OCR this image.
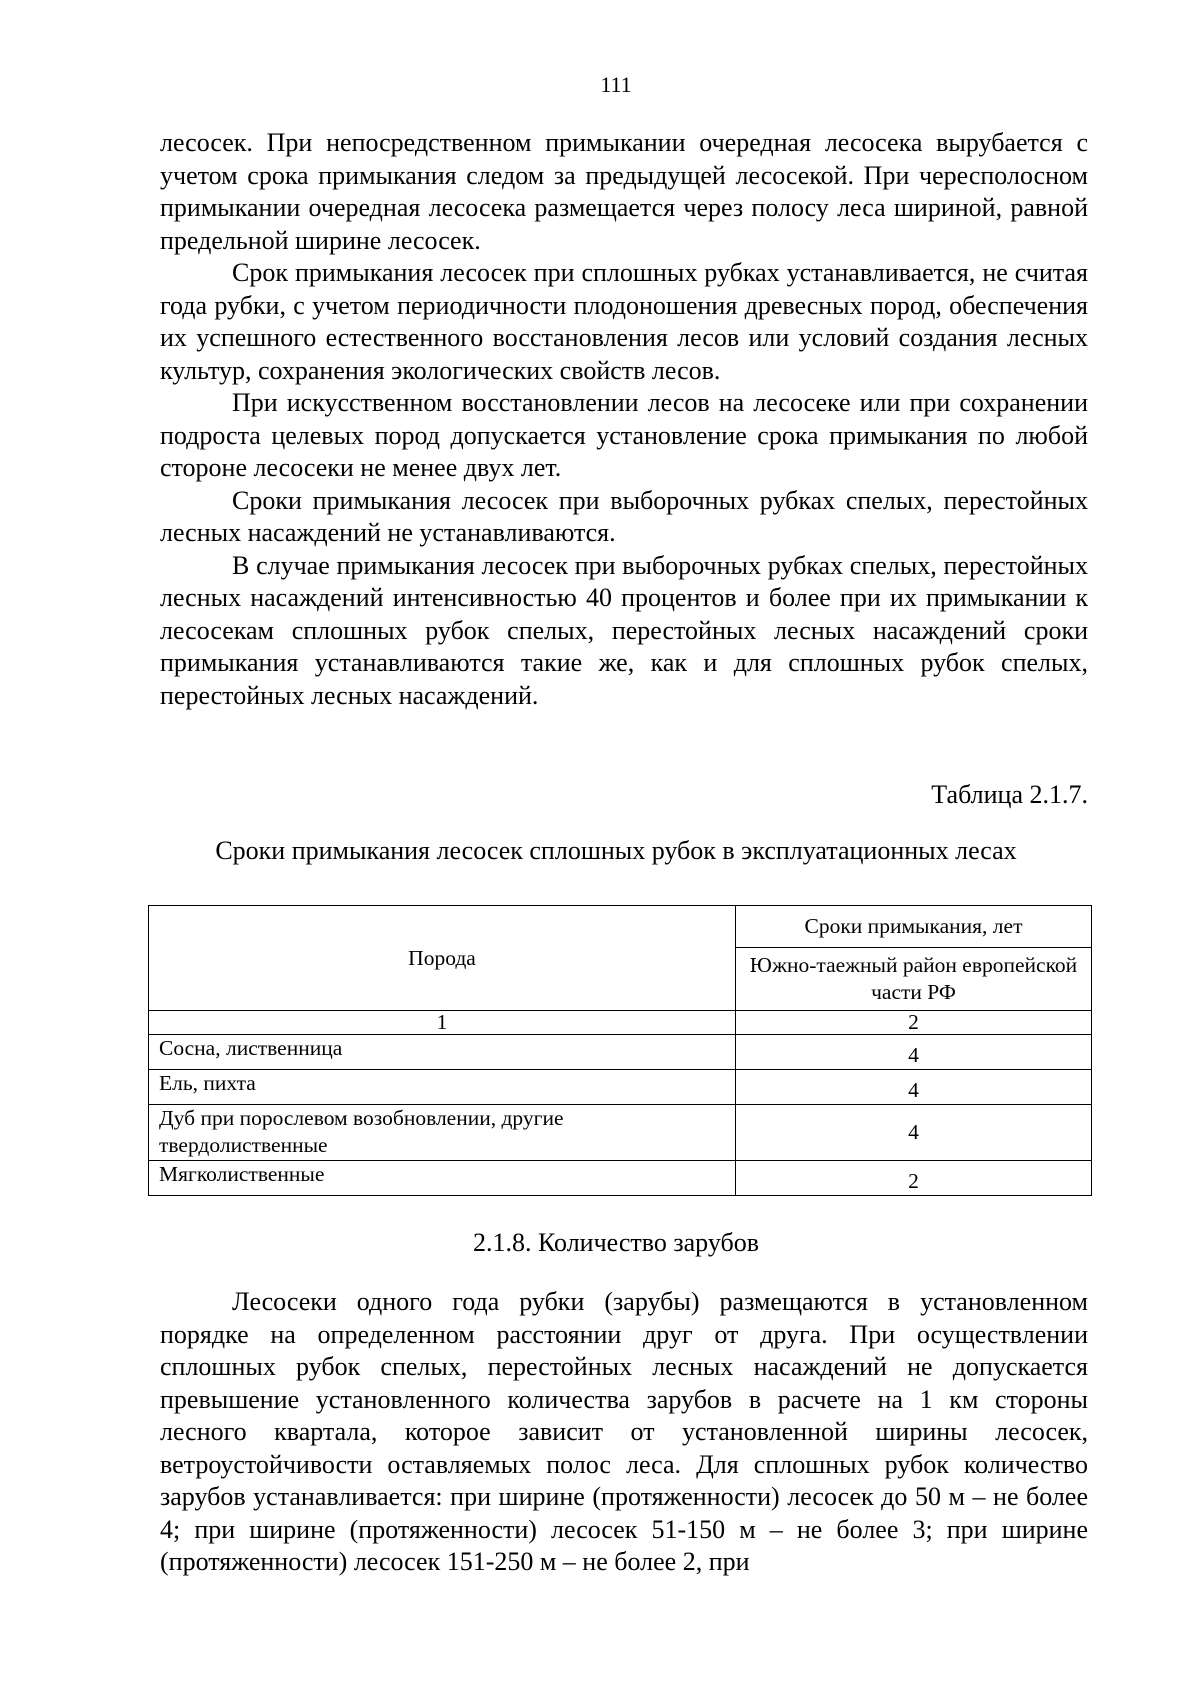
111

лесосек. При непосредственном примыкании очередная лесосека вырубается с учетом срока примыкания следом за предыдущей лесосекой. При чересполосном примыкании очередная лесосека размещается через полосу леса шириной, равной предельной ширине лесосек.

Срок примыкания лесосек при сплошных рубках устанавливается, не считая года рубки, с учетом периодичности плодоношения древесных пород, обеспечения их успешного естественного восстановления лесов или условий создания лесных культур, сохранения экологических свойств лесов.

При искусственном восстановлении лесов на лесосеке или при сохранении подроста целевых пород допускается установление срока примыкания по любой стороне лесосеки не менее двух лет.

Сроки примыкания лесосек при выборочных рубках спелых, перестойных лесных насаждений не устанавливаются.

В случае примыкания лесосек при выборочных рубках спелых, перестойных лесных насаждений интенсивностью 40 процентов и более при их примыкании к лесосекам сплошных рубок спелых, перестойных лесных насаждений сроки примыкания устанавливаются такие же, как и для сплошных рубок спелых, перестойных лесных насаждений.

Таблица 2.1.7.
Сроки примыкания лесосек сплошных рубок в эксплуатационных лесах
Порода	Сроки примыкания, лет
	Южно-таежный район европейской части РФ
1	2
Сосна, лиственница	4
Ель, пихта	4
Дуб при порослевом возобновлении, другие твердолиственные	4
Мягколиственные	2
2.1.8. Количество зарубов

Лесосеки одного года рубки (зарубы) размещаются в установленном порядке на определенном расстоянии друг от друга. При осуществлении сплошных рубок спелых, перестойных лесных насаждений не допускается превышение установленного количества зарубов в расчете на 1 км стороны лесного квартала, которое зависит от установленной ширины лесосек, ветроустойчивости оставляемых полос леса. Для сплошных рубок количество зарубов устанавливается: при ширине (протяженности) лесосек до 50 м – не более 4; при ширине (протяженности) лесосек 51-150 м – не более 3; при ширине (протяженности) лесосек 151-250 м – не более 2, при
